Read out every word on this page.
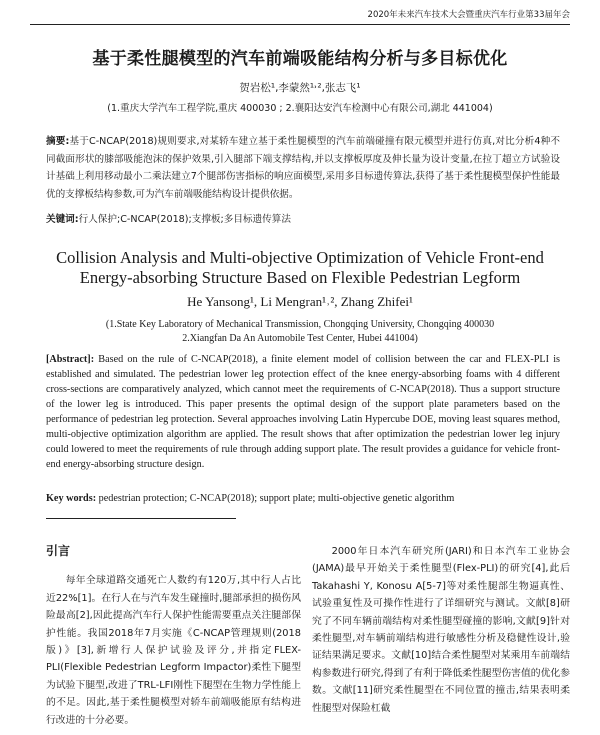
2020年未来汽车技术大会暨重庆汽车行业第33届年会
基于柔性腿模型的汽车前端吸能结构分析与多目标优化
贺岩松¹,李蒙然¹˒²,张志飞¹
(1.重庆大学汽车工程学院,重庆 400030 ; 2.襄阳达安汽车检测中心有限公司,湖北 441004)
摘要:基于C-NCAP(2018)规则要求,对某轿车建立基于柔性腿模型的汽车前端碰撞有限元模型并进行仿真,对比分析4种不同截面形状的膝部吸能泡沫的保护效果,引入腿部下端支撑结构,并以支撑板厚度及伸长量为设计变量,在拉丁超立方试验设计基础上利用移动最小二乘法建立7个腿部伤害指标的响应面模型,采用多目标遗传算法,获得了基于柔性腿模型保护性能最优的支撑板结构参数,可为汽车前端吸能结构设计提供依据。
关键词:行人保护;C-NCAP(2018);支撑板;多目标遗传算法
Collision Analysis and Multi-objective Optimization of Vehicle Front-end
Energy-absorbing Structure Based on Flexible Pedestrian Legform
He Yansong¹, Li Mengran¹˒², Zhang Zhifei¹
(1.State Key Laboratory of Mechanical Transmission, Chongqing University, Chongqing 400030
2.Xiangfan Da An Automobile Test Center, Hubei 441004)
[Abstract]: Based on the rule of C-NCAP(2018), a finite element model of collision between the car and FLEX-PLI is established and simulated. The pedestrian lower leg protection effect of the knee energy-absorbing foams with 4 different cross-sections are comparatively analyzed, which cannot meet the requirements of C-NCAP(2018). Thus a support structure of the lower leg is introduced. This paper presents the optimal design of the support plate parameters based on the performance of pedestrian leg protection. Several approaches involving Latin Hypercube DOE, moving least squares method, multi-objective optimization algorithm are applied. The result shows that after optimization the pedestrian lower leg injury could lowered to meet the requirements of rule through adding support plate. The result provides a guidance for vehicle front-end energy-absorbing structure design.
Key words: pedestrian protection; C-NCAP(2018); support plate; multi-objective genetic algorithm
引言

每年全球道路交通死亡人数约有120万,其中行人占比近22%[1]。在行人在与汽车发生碰撞时,腿部承担的损伤风险最高[2],因此提高汽车行人保护性能需要重点关注腿部保护性能。我国2018年7月实施《C-NCAP管理规则(2018版)》[3],新增行人保护试验及评分,并指定FLEX-PLI(Flexible Pedestrian Legform Impactor)柔性下腿型为试验下腿型,改进了TRL-LFI刚性下腿型在生物力学性能上的不足。因此,基于柔性腿模型对轿车前端吸能原有结构进行改进的十分必要。

2000年日本汽车研究所(JARI)和日本汽车工业协会(JAMA)最早开始关于柔性腿型(Flex-PLI)的研究[4],此后Takahashi Y, Konosu A[5-7]等对柔性腿部生物逼真性、试验重复性及可操作性进行了详细研究与测试。文献[8]研究了不同车辆前端结构对柔性腿型碰撞的影响,文献[9]针对柔性腿型,对车辆前端结构进行敏感性分析及稳健性设计,验证结果满足要求。文献[10]结合柔性腿型对某乘用车前端结构参数进行研究,得到了有利于降低柔性腿型伤害值的优化参数。文献[11]研究柔性腿型在不同位置的撞击,结果表明柔性腿型对保险杠截
